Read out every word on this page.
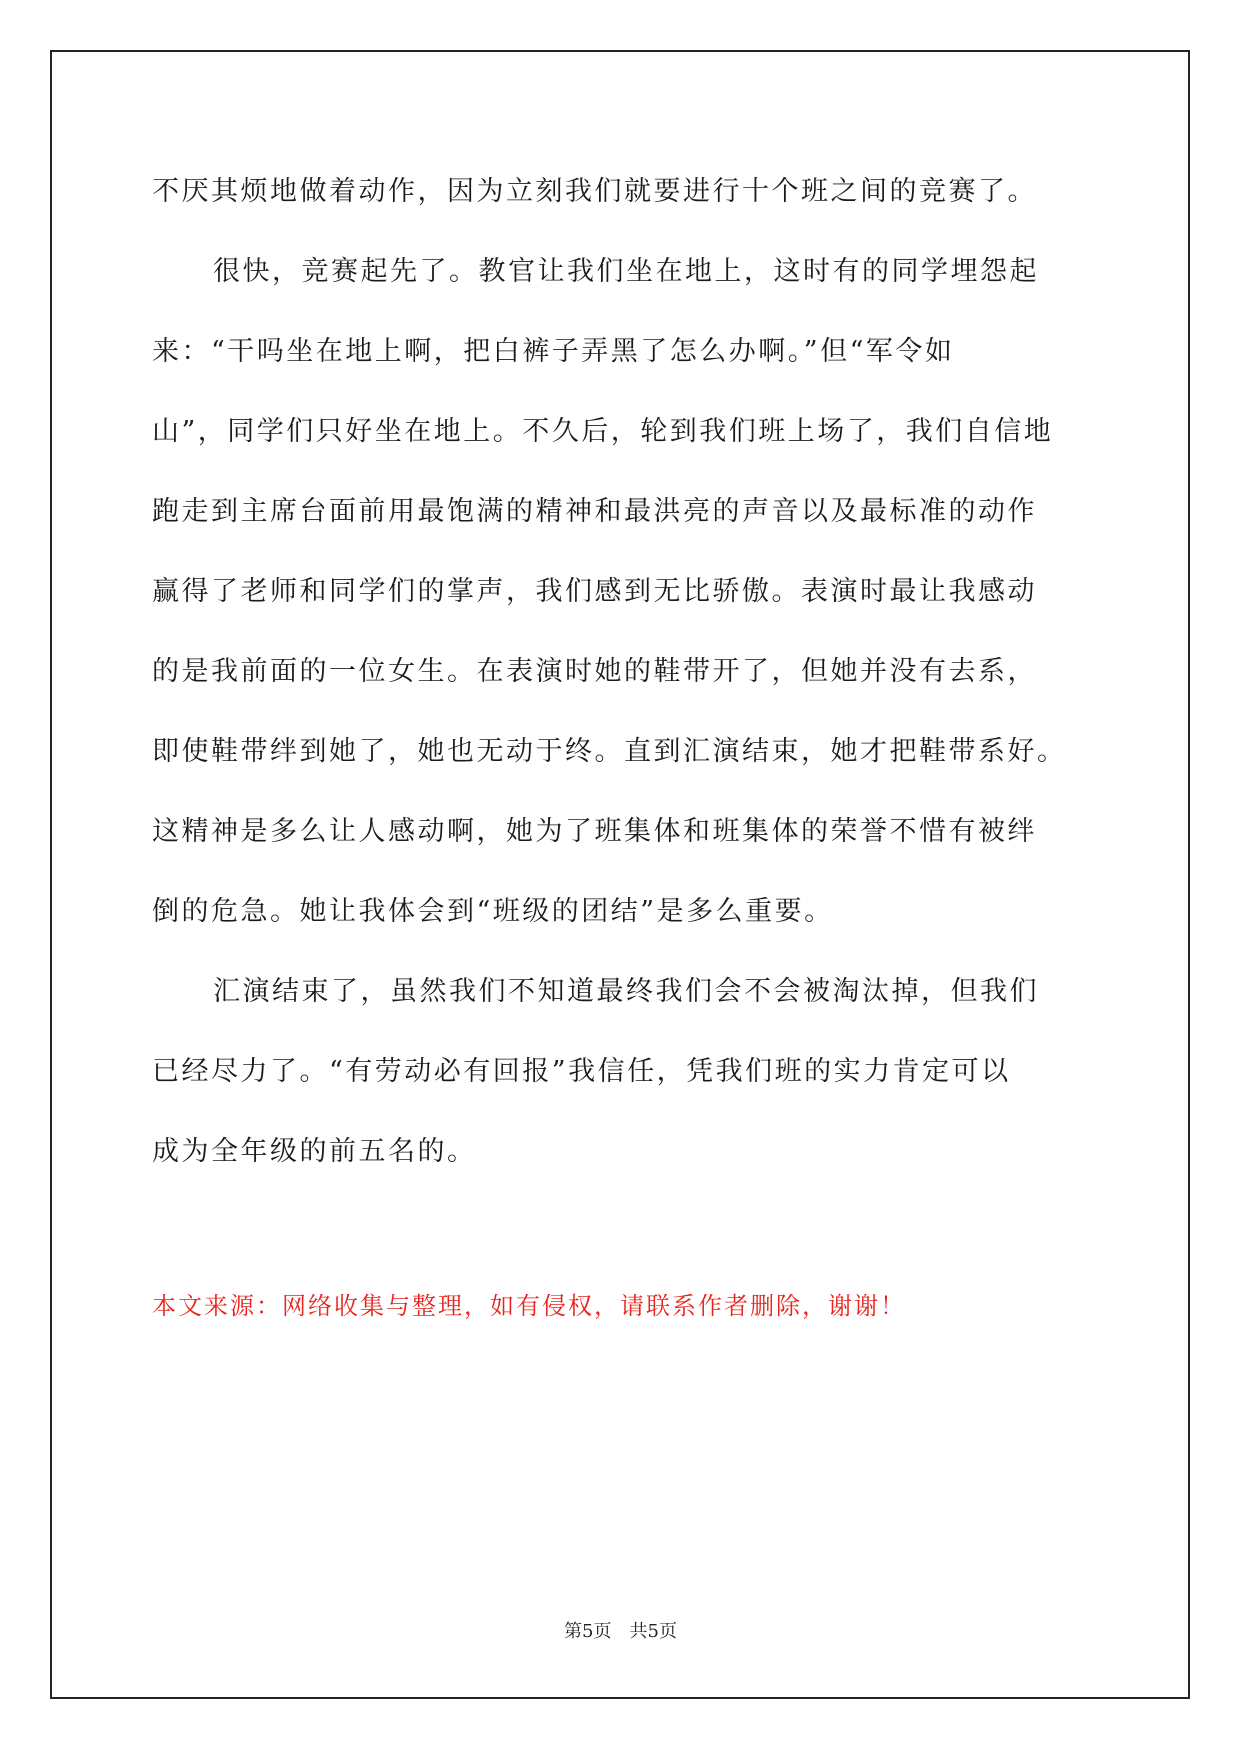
不厌其烦地做着动作，因为立刻我们就要进行十个班之间的竞赛了。
很快，竞赛起先了。教官让我们坐在地上，这时有的同学埋怨起
来：“干吗坐在地上啊，把白裤子弄黑了怎么办啊。”但“军令如
山”，同学们只好坐在地上。不久后，轮到我们班上场了，我们自信地
跑走到主席台面前用最饱满的精神和最洪亮的声音以及最标准的动作
赢得了老师和同学们的掌声，我们感到无比骄傲。表演时最让我感动
的是我前面的一位女生。在表演时她的鞋带开了，但她并没有去系，
即使鞋带绊到她了，她也无动于终。直到汇演结束，她才把鞋带系好。
这精神是多么让人感动啊，她为了班集体和班集体的荣誉不惜有被绊
倒的危急。她让我体会到“班级的团结”是多么重要。
汇演结束了，虽然我们不知道最终我们会不会被淘汰掉，但我们
已经尽力了。“有劳动必有回报”我信任，凭我们班的实力肯定可以
成为全年级的前五名的。
本文来源：网络收集与整理，如有侵权，请联系作者删除，谢谢！
第5页　共5页
